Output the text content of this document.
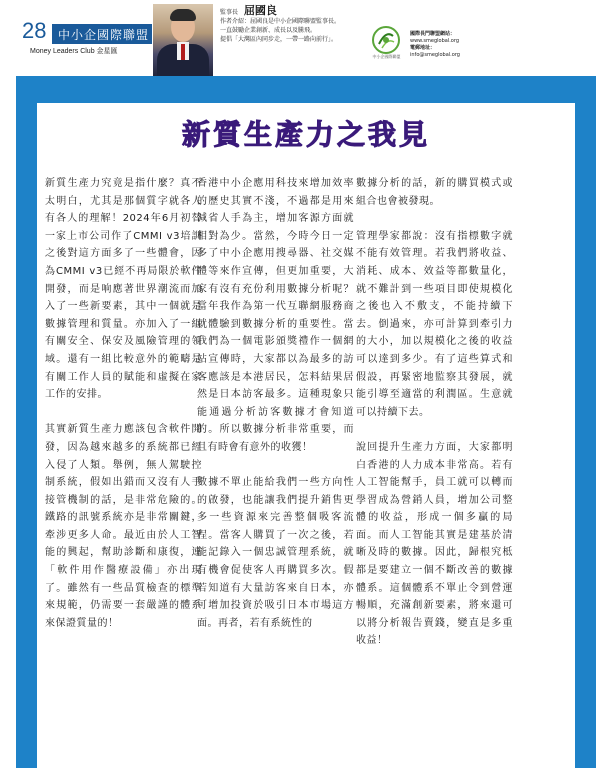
28 中小企國際聯盟
Money Leaders Club 金星匯
監事長 屈國良
作者介紹：屈國良是中小企國際聯盟監事長。
一直鼓勵企業創新、成長以及騰飛。
提倡「大灣區內同步走，一帶一路向前行」。
中小企國際聯盟
國際長門聯盟網站：
www.smeglobal.org
電郵地址：
info@smeglobal.org
新質生產力之我見

新質生產力究竟是指什麼？真不太明白，尤其是那個質字就各人有各人的理解！2024年6月初替一家上市公司作了CMMI v3培訓之後對這方面多了一些體會，因為CMMI v3已經不再局限於軟件開發，而是响應著世界潮流而加入了一些新要素，其中一個就是數據管理和質量。亦加入了一組有關安全、保安及風險管理的領域。還有一組比較意外的範疇是有關工作人員的賦能和虛擬在家工作的安排。

其實新質生產力應該包含軟件開發，因為越來越多的系統都已經入侵了人類。舉例，無人駕駛控制系統，假如出錯而又沒有人手接管機制的話，是非常危險的。鐵路的訊號系統亦是非常關鍵，牽涉更多人命。最近由於人工智能的興起，幫助診斷和康復，連「軟件用作醫療設備」亦出現了。雖然有一些品質檢查的標準來規範，仍需要一套嚴謹的體系來保證質量的！

香港中小企應用科技來增加效率的歷史其實不淺，不過都是用來減省人手為主，增加客源方面就相對為少。當然，今時今日一定多了中小企應用搜尋器、社交媒體等來作宣傳，但更加重要，大家有沒有充份利用數據分析呢？當年我作為第一代互聯網服務商就體驗到數據分析的重要性。當我們為一個電影頒獎禮作一個網站宣傳時，大家都以為最多的訪客應該是本港居民，怎料結果居然是日本訪客最多。這種現象只能通過分析訪客數據才會知道的。所以數據分析非常重要，而且有時會有意外的收獲！

數據不單止能給我們一些方向性的啟發，也能讓我們提升銷售更多一些資源來完善整個吸客流程。當客人購買了一次之後，若能記錄入一個忠誠管理系統，就有機會促使客人再購買多次。假若知道有大量訪客來自日本，亦可增加投資於吸引日本市場這方面。再者，若有系統性的

數據分析的話，新的購買模式或組合也會被發現。

管理學家都說：沒有指標數字就不能有效管理。若我們將收益、消耗、成本、效益等都數量化，就不難計到一些項目即使規模化之後也入不敷支，不能持續下去。倒過來，亦可計算到牽引力的大小，加以規模化之後的收益可以達到多少。有了這些算式和假設，再緊密地監察其發展，就能引導至適當的利潤區。生意就可以持續下去。

說回提升生產力方面，大家都明白香港的人力成本非常高。若有人工智能幫手，員工就可以轉而學習成為營銷人員，增加公司整體的收益，形成一個多贏的局面。而人工智能其實是建基於清晰及時的數據。因此，歸根究柢都是要建立一個不斷改善的數據體系。這個體系不單止令到營運暢順，充滿創新要素，將來還可以將分析報告賣錢，變直是多重收益！
